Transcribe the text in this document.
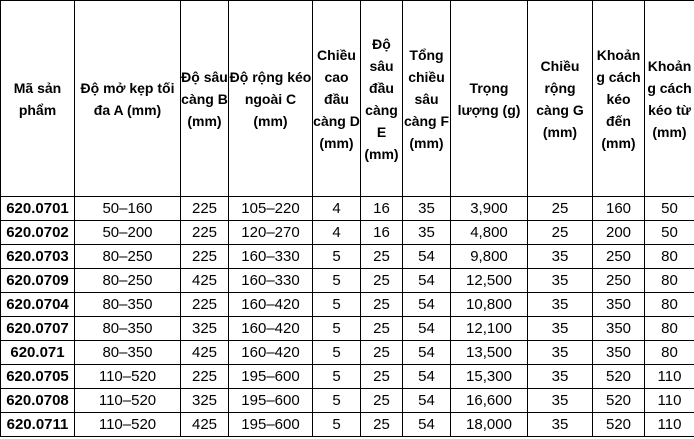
Mã sản phẩm	Độ mở kẹp tối đa A (mm)	Độ sâu càng B (mm)	Độ rộng kéo ngoài C (mm)	Chiều cao đầu càng D (mm)	Độ sâu đầu càng E (mm)	Tổng chiều sâu càng F (mm)	Trọng lượng (g)	Chiều rộng càng G (mm)	Khoảng cách kéo đến (mm)	Khoảng cách kéo từ (mm)
620.0701	50–160	225	105–220	4	16	35	3,900	25	160	50
620.0702	50–200	225	120–270	4	16	35	4,800	25	200	50
620.0703	80–250	225	160–330	5	25	54	9,800	35	250	80
620.0709	80–250	425	160–330	5	25	54	12,500	35	250	80
620.0704	80–350	225	160–420	5	25	54	10,800	35	350	80
620.0707	80–350	325	160–420	5	25	54	12,100	35	350	80
620.071	80–350	425	160–420	5	25	54	13,500	35	350	80
620.0705	110–520	225	195–600	5	25	54	15,300	35	520	110
620.0708	110–520	325	195–600	5	25	54	16,600	35	520	110
620.0711	110–520	425	195–600	5	25	54	18,000	35	520	110
